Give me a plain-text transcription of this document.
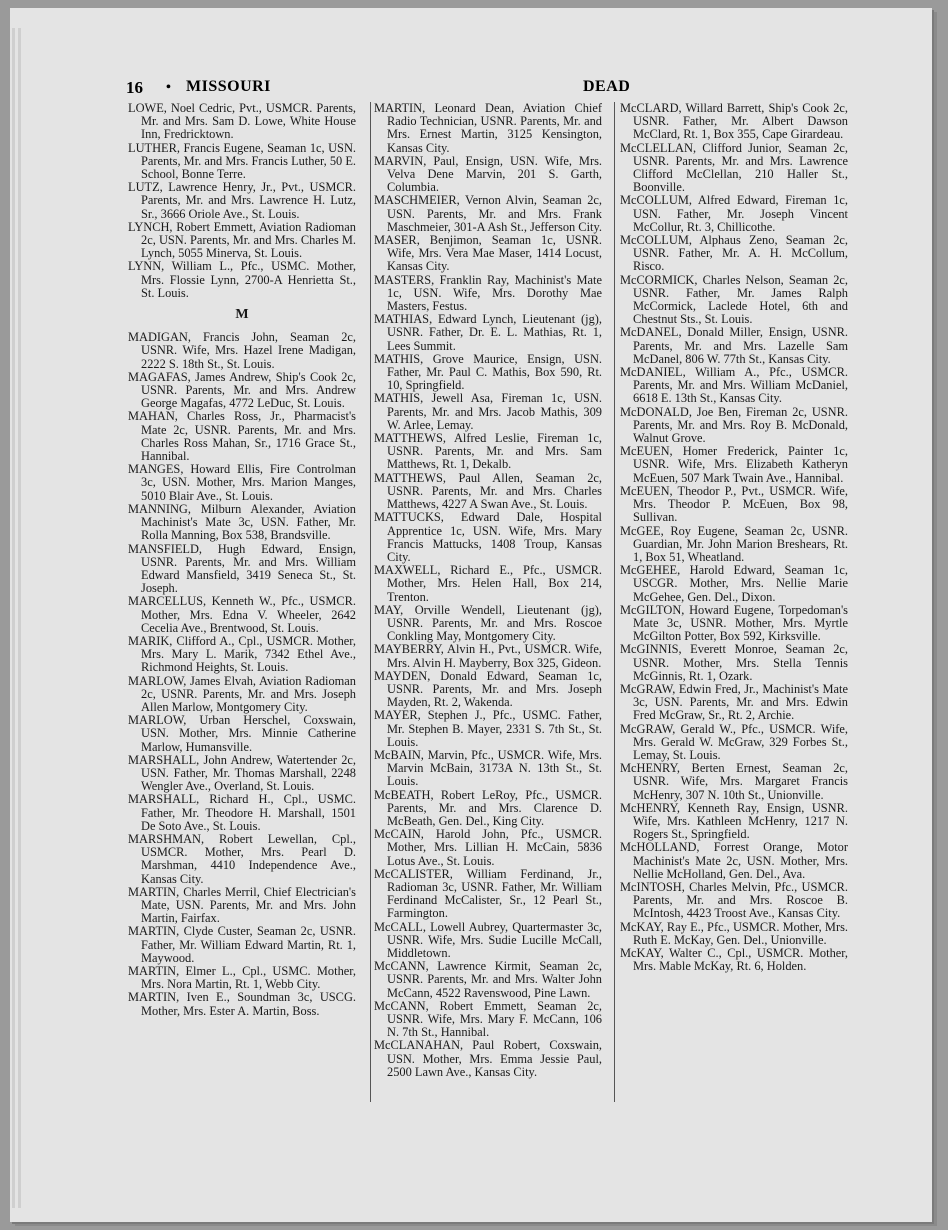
16 • MISSOURI	DEAD

LOWE, Noel Cedric, Pvt., USMCR. Parents, Mr. and Mrs. Sam D. Lowe, White House Inn, Fredricktown.

LUTHER, Francis Eugene, Seaman 1c, USN. Parents, Mr. and Mrs. Francis Luther, 50 E. School, Bonne Terre.

LUTZ, Lawrence Henry, Jr., Pvt., USMCR. Parents, Mr. and Mrs. Lawrence H. Lutz, Sr., 3666 Oriole Ave., St. Louis.

LYNCH, Robert Emmett, Aviation Radioman 2c, USN. Parents, Mr. and Mrs. Charles M. Lynch, 5055 Minerva, St. Louis.

LYNN, William L., Pfc., USMC. Mother, Mrs. Flossie Lynn, 2700-A Henrietta St., St. Louis.

M

MADIGAN, Francis John, Seaman 2c, USNR. Wife, Mrs. Hazel Irene Madigan, 2222 S. 18th St., St. Louis.

MAGAFAS, James Andrew, Ship's Cook 2c, USNR. Parents, Mr. and Mrs. Andrew George Magafas, 4772 LeDuc, St. Louis.

MAHAN, Charles Ross, Jr., Pharmacist's Mate 2c, USNR. Parents, Mr. and Mrs. Charles Ross Mahan, Sr., 1716 Grace St., Hannibal.

MANGES, Howard Ellis, Fire Controlman 3c, USN. Mother, Mrs. Marion Manges, 5010 Blair Ave., St. Louis.

MANNING, Milburn Alexander, Aviation Machinist's Mate 3c, USN. Father, Mr. Rolla Manning, Box 538, Brandsville.

MANSFIELD, Hugh Edward, Ensign, USNR. Parents, Mr. and Mrs. William Edward Mansfield, 3419 Seneca St., St. Joseph.

MARCELLUS, Kenneth W., Pfc., USMCR. Mother, Mrs. Edna V. Wheeler, 2642 Cecelia Ave., Brentwood, St. Louis.

MARIK, Clifford A., Cpl., USMCR. Mother, Mrs. Mary L. Marik, 7342 Ethel Ave., Richmond Heights, St. Louis.

MARLOW, James Elvah, Aviation Radioman 2c, USNR. Parents, Mr. and Mrs. Joseph Allen Marlow, Montgomery City.

MARLOW, Urban Herschel, Coxswain, USN. Mother, Mrs. Minnie Catherine Marlow, Humansville.

MARSHALL, John Andrew, Watertender 2c, USN. Father, Mr. Thomas Marshall, 2248 Wengler Ave., Overland, St. Louis.

MARSHALL, Richard H., Cpl., USMC. Father, Mr. Theodore H. Marshall, 1501 De Soto Ave., St. Louis.

MARSHMAN, Robert Lewellan, Cpl., USMCR. Mother, Mrs. Pearl D. Marshman, 4410 Independence Ave., Kansas City.

MARTIN, Charles Merril, Chief Electrician's Mate, USN. Parents, Mr. and Mrs. John Martin, Fairfax.

MARTIN, Clyde Custer, Seaman 2c, USNR. Father, Mr. William Edward Martin, Rt. 1, Maywood.

MARTIN, Elmer L., Cpl., USMC. Mother, Mrs. Nora Martin, Rt. 1, Webb City.

MARTIN, Iven E., Soundman 3c, USCG. Mother, Mrs. Ester A. Martin, Boss.

MARTIN, Leonard Dean, Aviation Chief Radio Technician, USNR. Parents, Mr. and Mrs. Ernest Martin, 3125 Kensington, Kansas City.

MARVIN, Paul, Ensign, USN. Wife, Mrs. Velva Dene Marvin, 201 S. Garth, Columbia.

MASCHMEIER, Vernon Alvin, Seaman 2c, USN. Parents, Mr. and Mrs. Frank Maschmeier, 301-A Ash St., Jefferson City.

MASER, Benjimon, Seaman 1c, USNR. Wife, Mrs. Vera Mae Maser, 1414 Locust, Kansas City.

MASTERS, Franklin Ray, Machinist's Mate 1c, USN. Wife, Mrs. Dorothy Mae Masters, Festus.

MATHIAS, Edward Lynch, Lieutenant (jg), USNR. Father, Dr. E. L. Mathias, Rt. 1, Lees Summit.

MATHIS, Grove Maurice, Ensign, USN. Father, Mr. Paul C. Mathis, Box 590, Rt. 10, Springfield.

MATHIS, Jewell Asa, Fireman 1c, USN. Parents, Mr. and Mrs. Jacob Mathis, 309 W. Arlee, Lemay.

MATTHEWS, Alfred Leslie, Fireman 1c, USNR. Parents, Mr. and Mrs. Sam Matthews, Rt. 1, Dekalb.

MATTHEWS, Paul Allen, Seaman 2c, USNR. Parents, Mr. and Mrs. Charles Matthews, 4227 A Swan Ave., St. Louis.

MATTUCKS, Edward Dale, Hospital Apprentice 1c, USN. Wife, Mrs. Mary Francis Mattucks, 1408 Troup, Kansas City.

MAXWELL, Richard E., Pfc., USMCR. Mother, Mrs. Helen Hall, Box 214, Trenton.

MAY, Orville Wendell, Lieutenant (jg), USNR. Parents, Mr. and Mrs. Roscoe Conkling May, Montgomery City.

MAYBERRY, Alvin H., Pvt., USMCR. Wife, Mrs. Alvin H. Mayberry, Box 325, Gideon.

MAYDEN, Donald Edward, Seaman 1c, USNR. Parents, Mr. and Mrs. Joseph Mayden, Rt. 2, Wakenda.

MAYER, Stephen J., Pfc., USMC. Father, Mr. Stephen B. Mayer, 2331 S. 7th St., St. Louis.

McBAIN, Marvin, Pfc., USMCR. Wife, Mrs. Marvin McBain, 3173A N. 13th St., St. Louis.

McBEATH, Robert LeRoy, Pfc., USMCR. Parents, Mr. and Mrs. Clarence D. McBeath, Gen. Del., King City.

McCAIN, Harold John, Pfc., USMCR. Mother, Mrs. Lillian H. McCain, 5836 Lotus Ave., St. Louis.

McCALISTER, William Ferdinand, Jr., Radioman 3c, USNR. Father, Mr. William Ferdinand McCalister, Sr., 12 Pearl St., Farmington.

McCALL, Lowell Aubrey, Quartermaster 3c, USNR. Wife, Mrs. Sudie Lucille McCall, Middletown.

McCANN, Lawrence Kirmit, Seaman 2c, USNR. Parents, Mr. and Mrs. Walter John McCann, 4522 Ravenswood, Pine Lawn.

McCANN, Robert Emmett, Seaman 2c, USNR. Wife, Mrs. Mary F. McCann, 106 N. 7th St., Hannibal.

McCLANAHAN, Paul Robert, Coxswain, USN. Mother, Mrs. Emma Jessie Paul, 2500 Lawn Ave., Kansas City.

McCLARD, Willard Barrett, Ship's Cook 2c, USNR. Father, Mr. Albert Dawson McClard, Rt. 1, Box 355, Cape Girardeau.

McCLELLAN, Clifford Junior, Seaman 2c, USNR. Parents, Mr. and Mrs. Lawrence Clifford McClellan, 210 Haller St., Boonville.

McCOLLUM, Alfred Edward, Fireman 1c, USN. Father, Mr. Joseph Vincent McCollur, Rt. 3, Chillicothe.

McCOLLUM, Alphaus Zeno, Seaman 2c, USNR. Father, Mr. A. H. McCollum, Risco.

McCORMICK, Charles Nelson, Seaman 2c, USNR. Father, Mr. James Ralph McCormick, Laclede Hotel, 6th and Chestnut Sts., St. Louis.

McDANEL, Donald Miller, Ensign, USNR. Parents, Mr. and Mrs. Lazelle Sam McDanel, 806 W. 77th St., Kansas City.

McDANIEL, William A., Pfc., USMCR. Parents, Mr. and Mrs. William McDaniel, 6618 E. 13th St., Kansas City.

McDONALD, Joe Ben, Fireman 2c, USNR. Parents, Mr. and Mrs. Roy B. McDonald, Walnut Grove.

McEUEN, Homer Frederick, Painter 1c, USNR. Wife, Mrs. Elizabeth Katheryn McEuen, 507 Mark Twain Ave., Hannibal.

McEUEN, Theodor P., Pvt., USMCR. Wife, Mrs. Theodor P. McEuen, Box 98, Sullivan.

McGEE, Roy Eugene, Seaman 2c, USNR. Guardian, Mr. John Marion Breshears, Rt. 1, Box 51, Wheatland.

McGEHEE, Harold Edward, Seaman 1c, USCGR. Mother, Mrs. Nellie Marie McGehee, Gen. Del., Dixon.

McGILTON, Howard Eugene, Torpedoman's Mate 3c, USNR. Mother, Mrs. Myrtle McGilton Potter, Box 592, Kirksville.

McGINNIS, Everett Monroe, Seaman 2c, USNR. Mother, Mrs. Stella Tennis McGinnis, Rt. 1, Ozark.

McGRAW, Edwin Fred, Jr., Machinist's Mate 3c, USN. Parents, Mr. and Mrs. Edwin Fred McGraw, Sr., Rt. 2, Archie.

McGRAW, Gerald W., Pfc., USMCR. Wife, Mrs. Gerald W. McGraw, 329 Forbes St., Lemay, St. Louis.

McHENRY, Berten Ernest, Seaman 2c, USNR. Wife, Mrs. Margaret Francis McHenry, 307 N. 10th St., Unionville.

McHENRY, Kenneth Ray, Ensign, USNR. Wife, Mrs. Kathleen McHenry, 1217 N. Rogers St., Springfield.

McHOLLAND, Forrest Orange, Motor Machinist's Mate 2c, USN. Mother, Mrs. Nellie McHolland, Gen. Del., Ava.

McINTOSH, Charles Melvin, Pfc., USMCR. Parents, Mr. and Mrs. Roscoe B. McIntosh, 4423 Troost Ave., Kansas City.

McKAY, Ray E., Pfc., USMCR. Mother, Mrs. Ruth E. McKay, Gen. Del., Unionville.

McKAY, Walter C., Cpl., USMCR. Mother, Mrs. Mable McKay, Rt. 6, Holden.
